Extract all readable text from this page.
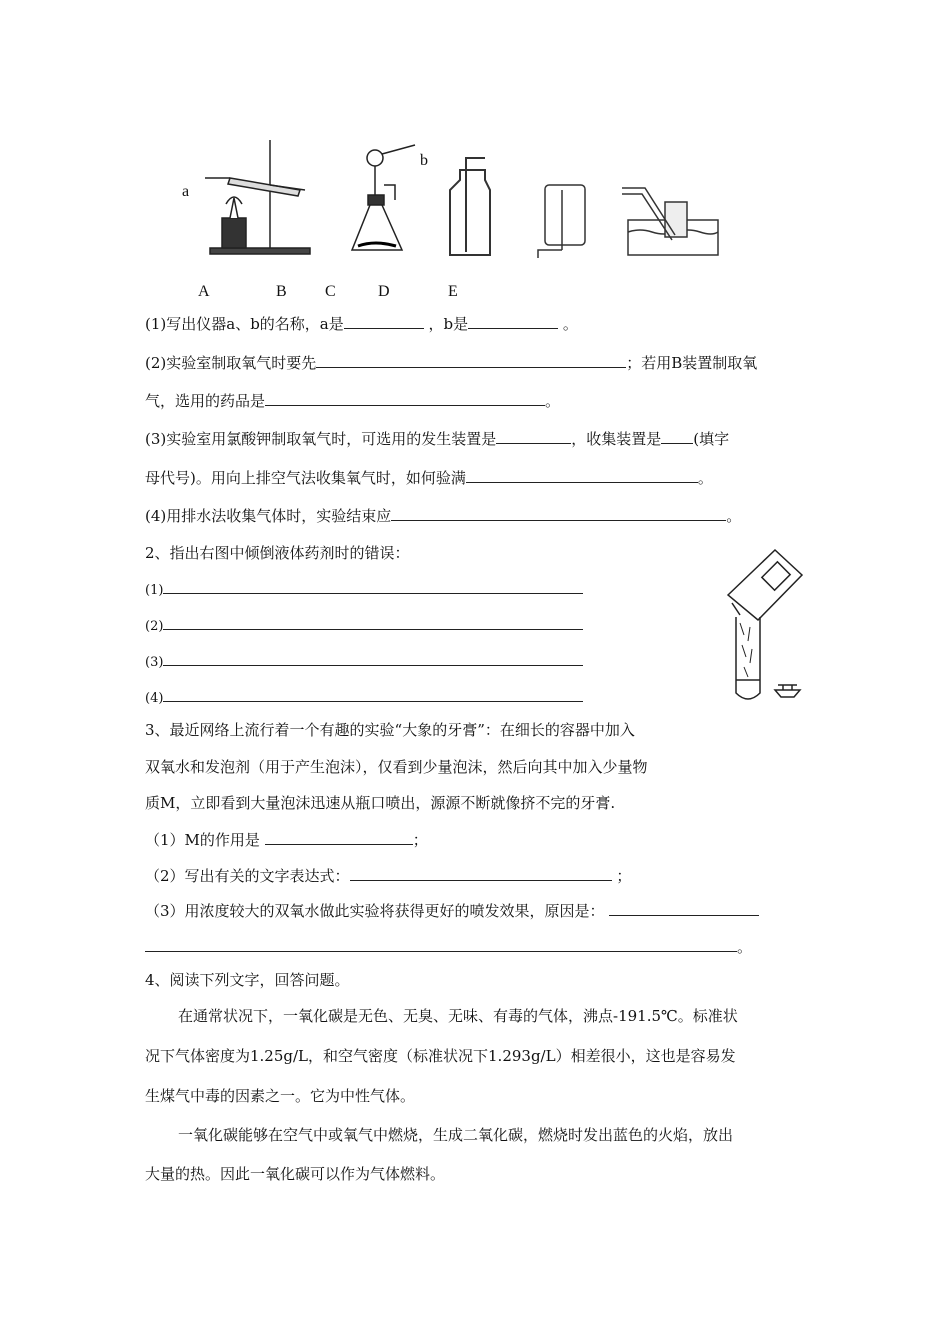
a
b
A	B C	D	E
(1)写出仪器a、b的名称，a是	，b是	。
(2)实验室制取氧气时要先	；若用B装置制取氧
气，选用的药品是	。
(3)实验室用氯酸钾制取氧气时，可选用的发生装置是	，收集装置是 (填字
母代号)。用向上排空气法收集氧气时，如何验满	。
(4)用排水法收集气体时，实验结束应	。
2、指出右图中倾倒液体药剂时的错误：
(1)
(2)
(3)
(4)
3、最近网络上流行着一个有趣的实验“大象的牙膏”：在细长的容器中加入
双氧水和发泡剂（用于产生泡沫），仅看到少量泡沫，然后向其中加入少量物
质M，立即看到大量泡沫迅速从瓶口喷出，源源不断就像挤不完的牙膏.
（1）M的作用是	；
（2）写出有关的文字表达式：	；
（3）用浓度较大的双氧水做此实验将获得更好的喷发效果，原因是：
。
4、阅读下列文字，回答问题。
在通常状况下，一氧化碳是无色、无臭、无味、有毒的气体，沸点-191.5℃。标准状
况下气体密度为1.25g/L，和空气密度（标准状况下1.293g/L）相差很小，这也是容易发
生煤气中毒的因素之一。它为中性气体。
一氧化碳能够在空气中或氧气中燃烧，生成二氧化碳，燃烧时发出蓝色的火焰，放出
大量的热。因此一氧化碳可以作为气体燃料。
